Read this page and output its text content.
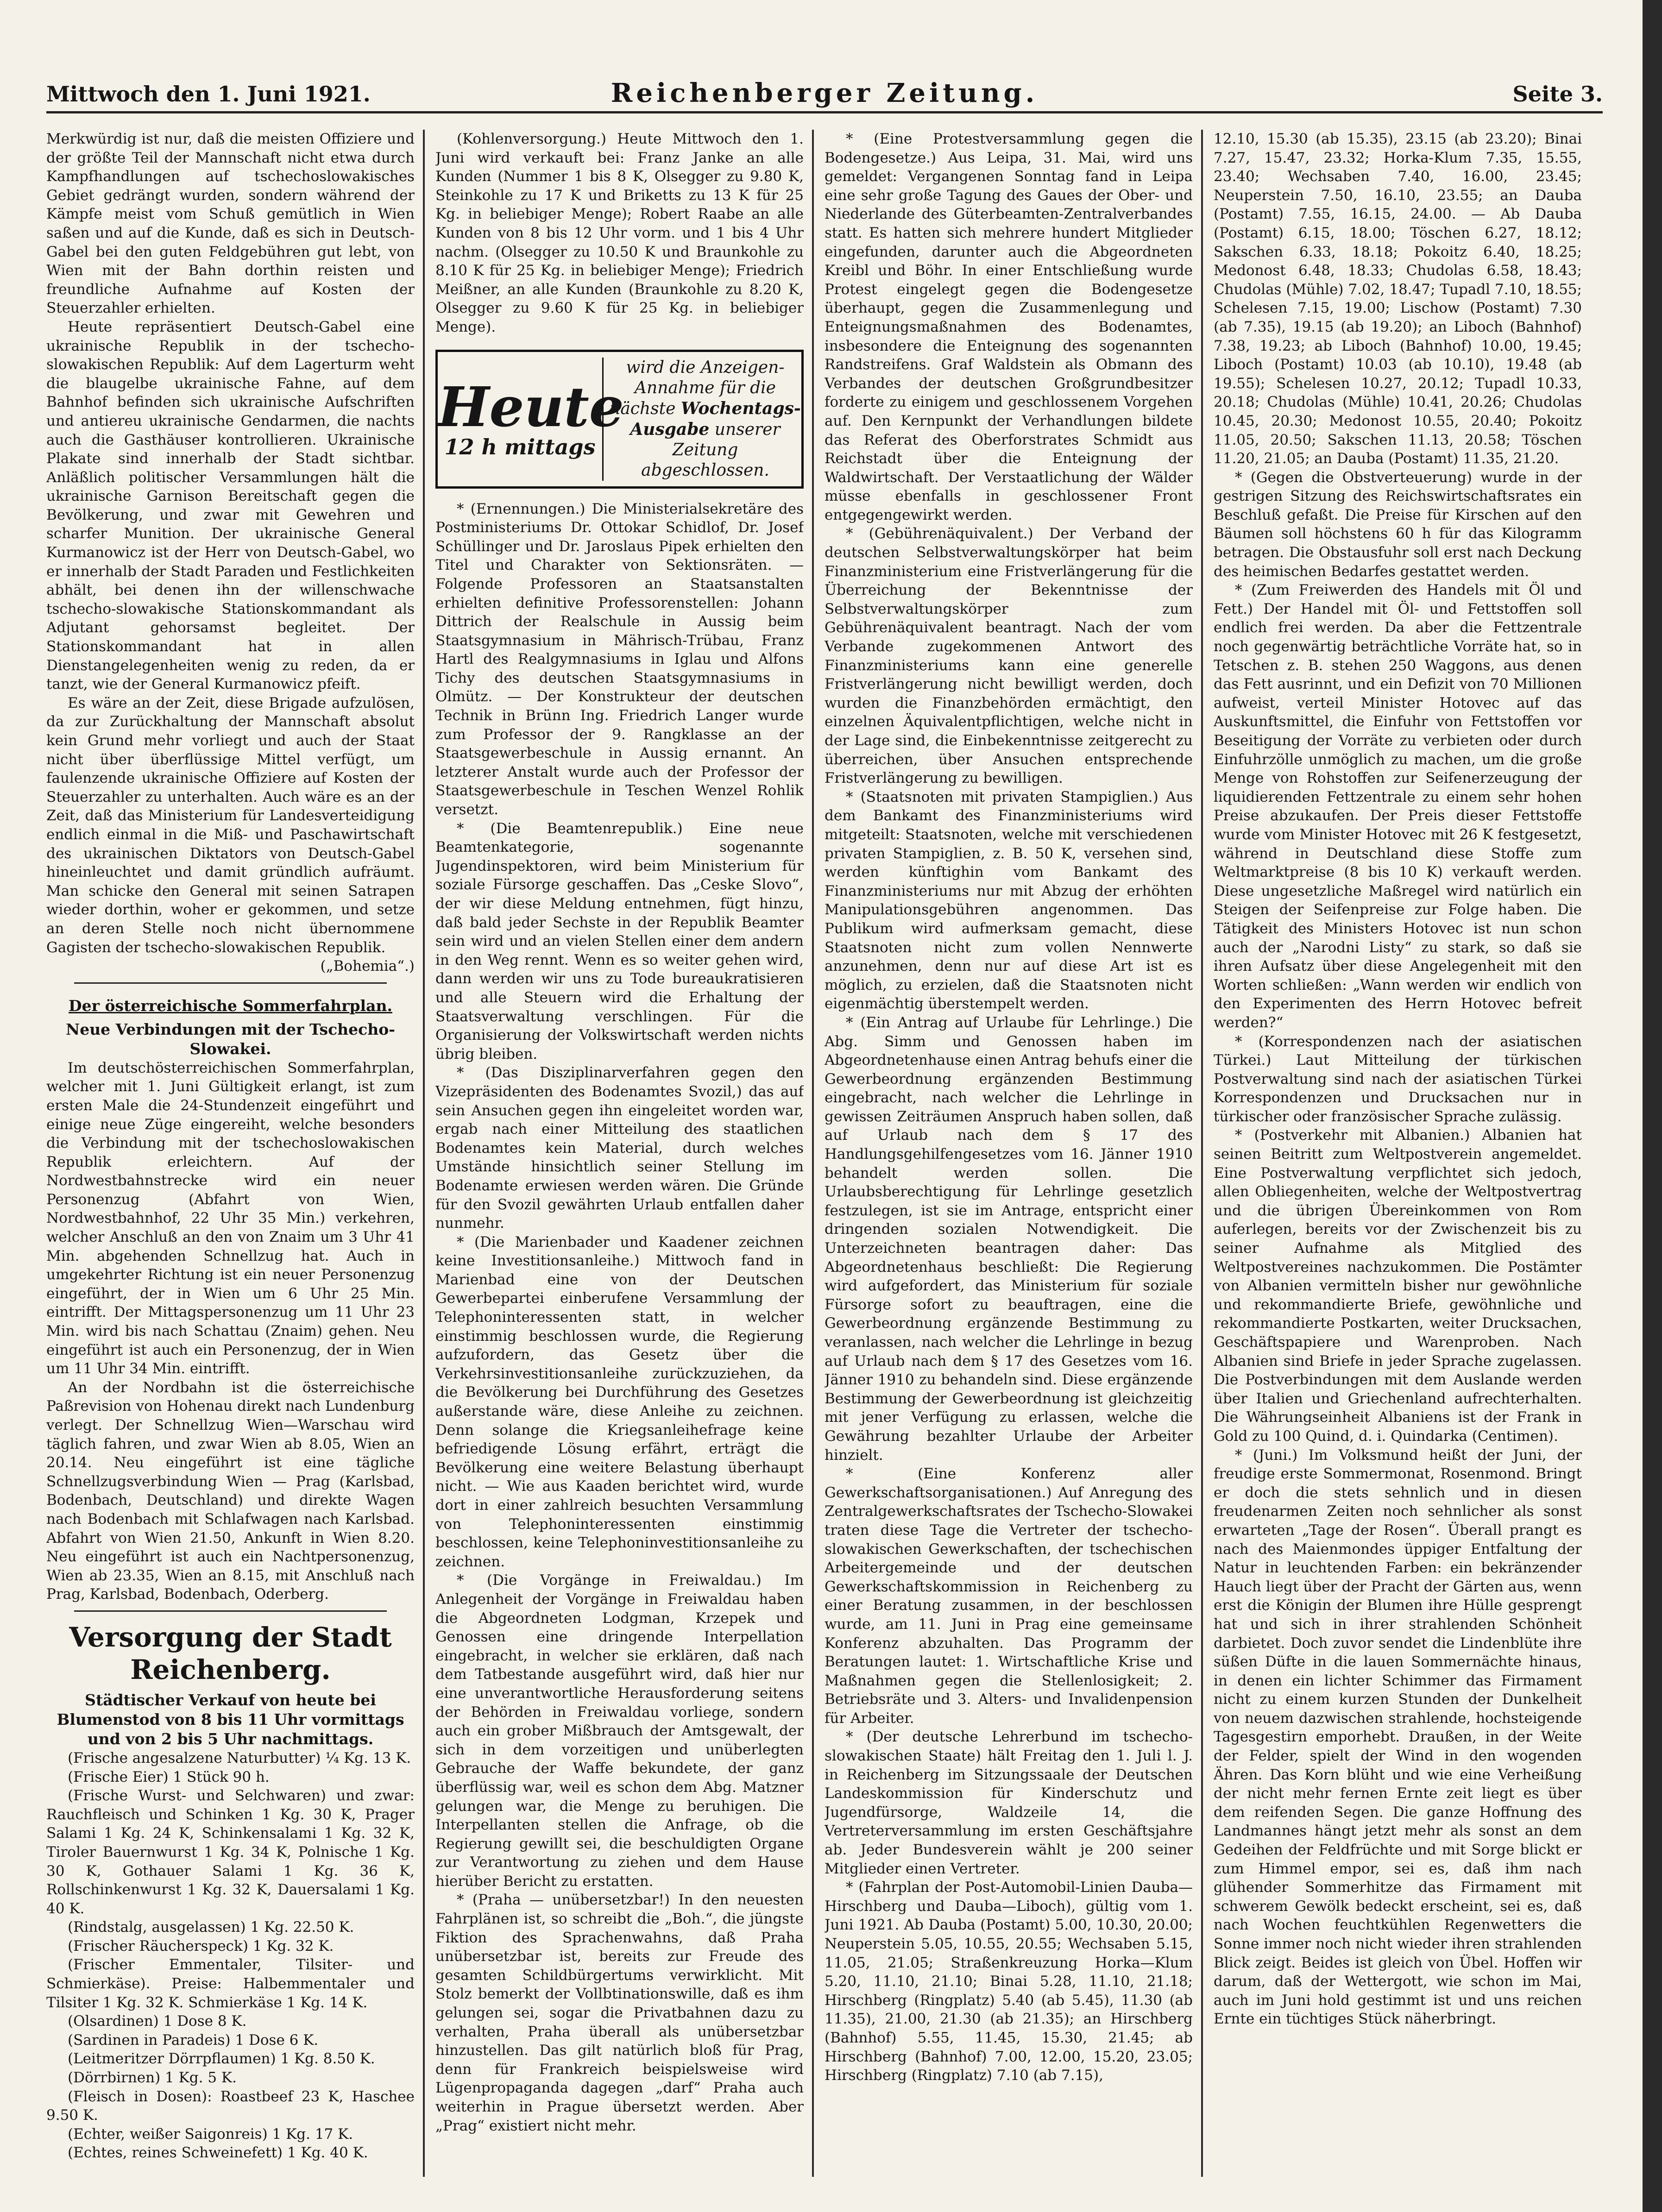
Mittwoch den 1. Juni 1921.	Reichenberger Zeitung.	Seite 3.

Merkwürdig ist nur, daß die meisten Offiziere und der größte Teil der Mannschaft nicht etwa durch Kampfhandlungen auf tschechoslowakisches Gebiet gedrängt wurden, sondern während der Kämpfe meist vom Schuß gemütlich in Wien saßen und auf die Kunde, daß es sich in Deutsch-Gabel bei den guten Feldgebühren gut lebt, von Wien mit der Bahn dorthin reisten und freundliche Aufnahme auf Kosten der Steuerzahler erhielten.

Heute repräsentiert Deutsch-Gabel eine ukrainische Republik in der tschecho-slowakischen Republik: Auf dem Lagerturm weht die blaugelbe ukrainische Fahne, auf dem Bahnhof befinden sich ukrainische Aufschriften und antiereu ukrainische Gendarmen, die nachts auch die Gasthäuser kontrollieren. Ukrainische Plakate sind innerhalb der Stadt sichtbar. Anläßlich politischer Versammlungen hält die ukrainische Garnison Bereitschaft gegen die Bevölkerung, und zwar mit Gewehren und scharfer Munition. Der ukrainische General Kurmanowicz ist der Herr von Deutsch-Gabel, wo er innerhalb der Stadt Paraden und Festlichkeiten abhält, bei denen ihn der willenschwache tschecho-slowakische Stationskommandant als Adjutant gehorsamst begleitet. Der Stationskommandant hat in allen Dienstangelegenheiten wenig zu reden, da er tanzt, wie der General Kurmanowicz pfeift.

Es wäre an der Zeit, diese Brigade aufzulösen, da zur Zurückhaltung der Mannschaft absolut kein Grund mehr vorliegt und auch der Staat nicht über überflüssige Mittel verfügt, um faulenzende ukrainische Offiziere auf Kosten der Steuerzahler zu unterhalten. Auch wäre es an der Zeit, daß das Ministerium für Landesverteidigung endlich einmal in die Miß- und Paschawirtschaft des ukrainischen Diktators von Deutsch-Gabel hineinleuchtet und damit gründlich aufräumt. Man schicke den General mit seinen Satrapen wieder dorthin, woher er gekommen, und setze an deren Stelle noch nicht übernommene Gagisten der tschecho-slowakischen Republik.

(„Bohemia“.)

Der österreichische Sommerfahrplan.
Neue Verbindungen mit der Tschecho-Slowakei.

Im deutschösterreichischen Sommerfahrplan, welcher mit 1. Juni Gültigkeit erlangt, ist zum ersten Male die 24-Stundenzeit eingeführt und einige neue Züge eingereiht, welche besonders die Verbindung mit der tschechoslowakischen Republik erleichtern. Auf der Nordwestbahnstrecke wird ein neuer Personenzug (Abfahrt von Wien, Nordwestbahnhof, 22 Uhr 35 Min.) verkehren, welcher Anschluß an den von Znaim um 3 Uhr 41 Min. abgehenden Schnellzug hat. Auch in umgekehrter Richtung ist ein neuer Personenzug eingeführt, der in Wien um 6 Uhr 25 Min. eintrifft. Der Mittagspersonenzug um 11 Uhr 23 Min. wird bis nach Schattau (Znaim) gehen. Neu eingeführt ist auch ein Personenzug, der in Wien um 11 Uhr 34 Min. eintrifft.

An der Nordbahn ist die österreichische Paßrevision von Hohenau direkt nach Lundenburg verlegt. Der Schnellzug Wien—Warschau wird täglich fahren, und zwar Wien ab 8.05, Wien an 20.14. Neu eingeführt ist eine tägliche Schnellzugsverbindung Wien — Prag (Karlsbad, Bodenbach, Deutschland) und direkte Wagen nach Bodenbach mit Schlafwagen nach Karlsbad. Abfahrt von Wien 21.50, Ankunft in Wien 8.20. Neu eingeführt ist auch ein Nachtpersonenzug, Wien ab 23.35, Wien an 8.15, mit Anschluß nach Prag, Karlsbad, Bodenbach, Oderberg.

Versorgung der Stadt Reichenberg.
Städtischer Verkauf von heute bei Blumenstod von 8 bis 11 Uhr vormittags und von 2 bis 5 Uhr nachmittags.

(Frische angesalzene Naturbutter) ¼ Kg. 13 K.

(Frische Eier) 1 Stück 90 h.

(Frische Wurst- und Selchwaren) und zwar: Rauchfleisch und Schinken 1 Kg. 30 K, Prager Salami 1 Kg. 24 K, Schinkensalami 1 Kg. 32 K, Tiroler Bauernwurst 1 Kg. 34 K, Polnische 1 Kg. 30 K, Gothauer Salami 1 Kg. 36 K, Rollschinkenwurst 1 Kg. 32 K, Dauersalami 1 Kg. 40 K.

(Rindstalg, ausgelassen) 1 Kg. 22.50 K.

(Frischer Räucherspeck) 1 Kg. 32 K.

(Frischer Emmentaler, Tilsiter- und Schmierkäse). Preise: Halbemmentaler und Tilsiter 1 Kg. 32 K. Schmierkäse 1 Kg. 14 K.

(Olsardinen) 1 Dose 8 K.

(Sardinen in Paradeis) 1 Dose 6 K.

(Leitmeritzer Dörrpflaumen) 1 Kg. 8.50 K.

(Dörrbirnen) 1 Kg. 5 K.

(Fleisch in Dosen): Roastbeef 23 K, Haschee 9.50 K.

(Echter, weißer Saigonreis) 1 Kg. 17 K.

(Echtes, reines Schweinefett) 1 Kg. 40 K.

(Kohlenversorgung.) Heute Mittwoch den 1. Juni wird verkauft bei: Franz Janke an alle Kunden (Nummer 1 bis 8 K, Olsegger zu 9.80 K, Steinkohle zu 17 K und Briketts zu 13 K für 25 Kg. in beliebiger Menge); Robert Raabe an alle Kunden von 8 bis 12 Uhr vorm. und 1 bis 4 Uhr nachm. (Olsegger zu 10.50 K und Braunkohle zu 8.10 K für 25 Kg. in beliebiger Menge); Friedrich Meißner, an alle Kunden (Braunkohle zu 8.20 K, Olsegger zu 9.60 K für 25 Kg. in beliebiger Menge).

Heute
12 h mittags
wird die Anzeigen-Annahme für die nächste Wochentags-Ausgabe unserer Zeitung abgeschlossen.

* (Ernennungen.) Die Ministerialsekretäre des Postministeriums Dr. Ottokar Schidlof, Dr. Josef Schüllinger und Dr. Jaroslaus Pipek erhielten den Titel und Charakter von Sektionsräten. — Folgende Professoren an Staatsanstalten erhielten definitive Professorenstellen: Johann Dittrich der Realschule in Aussig beim Staatsgymnasium in Mährisch-Trübau, Franz Hartl des Realgymnasiums in Iglau und Alfons Tichy des deutschen Staatsgymnasiums in Olmütz. — Der Konstrukteur der deutschen Technik in Brünn Ing. Friedrich Langer wurde zum Professor der 9. Rangklasse an der Staatsgewerbeschule in Aussig ernannt. An letzterer Anstalt wurde auch der Professor der Staatsgewerbeschule in Teschen Wenzel Rohlik versetzt.

* (Die Beamtenrepublik.) Eine neue Beamtenkategorie, sogenannte Jugendinspektoren, wird beim Ministerium für soziale Fürsorge geschaffen. Das „Ceske Slovo“, der wir diese Meldung entnehmen, fügt hinzu, daß bald jeder Sechste in der Republik Beamter sein wird und an vielen Stellen einer dem andern in den Weg rennt. Wenn es so weiter gehen wird, dann werden wir uns zu Tode bureaukratisieren und alle Steuern wird die Erhaltung der Staatsverwaltung verschlingen. Für die Organisierung der Volkswirtschaft werden nichts übrig bleiben.

* (Das Disziplinarverfahren gegen den Vizepräsidenten des Bodenamtes Svozil,) das auf sein Ansuchen gegen ihn eingeleitet worden war, ergab nach einer Mitteilung des staatlichen Bodenamtes kein Material, durch welches Umstände hinsichtlich seiner Stellung im Bodenamte erwiesen werden wären. Die Gründe für den Svozil gewährten Urlaub entfallen daher nunmehr.

* (Die Marienbader und Kaadener zeichnen keine Investitionsanleihe.) Mittwoch fand in Marienbad eine von der Deutschen Gewerbepartei einberufene Versammlung der Telephoninteressenten statt, in welcher einstimmig beschlossen wurde, die Regierung aufzufordern, das Gesetz über die Verkehrsinvestitionsanleihe zurückzuziehen, da die Bevölkerung bei Durchführung des Gesetzes außerstande wäre, diese Anleihe zu zeichnen. Denn solange die Kriegsanleihefrage keine befriedigende Lösung erfährt, erträgt die Bevölkerung eine weitere Belastung überhaupt nicht. — Wie aus Kaaden berichtet wird, wurde dort in einer zahlreich besuchten Versammlung von Telephoninteressenten einstimmig beschlossen, keine Telephoninvestitionsanleihe zu zeichnen.

* (Die Vorgänge in Freiwaldau.) Im Anlegenheit der Vorgänge in Freiwaldau haben die Abgeordneten Lodgman, Krzepek und Genossen eine dringende Interpellation eingebracht, in welcher sie erklären, daß nach dem Tatbestande ausgeführt wird, daß hier nur eine unverantwortliche Herausforderung seitens der Behörden in Freiwaldau vorliege, sondern auch ein grober Mißbrauch der Amtsgewalt, der sich in dem vorzeitigen und unüberlegten Gebrauche der Waffe bekundete, der ganz überflüssig war, weil es schon dem Abg. Matzner gelungen war, die Menge zu beruhigen. Die Interpellanten stellen die Anfrage, ob die Regierung gewillt sei, die beschuldigten Organe zur Verantwortung zu ziehen und dem Hause hierüber Bericht zu erstatten.

* (Praha — unübersetzbar!) In den neuesten Fahrplänen ist, so schreibt die „Boh.“, die jüngste Fiktion des Sprachenwahns, daß Praha unübersetzbar ist, bereits zur Freude des gesamten Schildbürgertums verwirklicht. Mit Stolz bemerkt der Vollbtinationswille, daß es ihm gelungen sei, sogar die Privatbahnen dazu zu verhalten, Praha überall als unübersetzbar hinzustellen. Das gilt natürlich bloß für Prag, denn für Frankreich beispielsweise wird Lügenpropaganda dagegen „darf“ Praha auch weiterhin in Prague übersetzt werden. Aber „Prag“ existiert nicht mehr.

* (Eine Protestversammlung gegen die Bodengesetze.) Aus Leipa, 31. Mai, wird uns gemeldet: Vergangenen Sonntag fand in Leipa eine sehr große Tagung des Gaues der Ober- und Niederlande des Güterbeamten-Zentralverbandes statt. Es hatten sich mehrere hundert Mitglieder eingefunden, darunter auch die Abgeordneten Kreibl und Böhr. In einer Entschließung wurde Protest eingelegt gegen die Bodengesetze überhaupt, gegen die Zusammenlegung und Enteignungsmaßnahmen des Bodenamtes, insbesondere die Enteignung des sogenannten Randstreifens. Graf Waldstein als Obmann des Verbandes der deutschen Großgrundbesitzer forderte zu einigem und geschlossenem Vorgehen auf. Den Kernpunkt der Verhandlungen bildete das Referat des Oberforstrates Schmidt aus Reichstadt über die Enteignung der Waldwirtschaft. Der Verstaatlichung der Wälder müsse ebenfalls in geschlossener Front entgegengewirkt werden.

* (Gebührenäquivalent.) Der Verband der deutschen Selbstverwaltungskörper hat beim Finanzministerium eine Fristverlängerung für die Überreichung der Bekenntnisse der Selbstverwaltungskörper zum Gebührenäquivalent beantragt. Nach der vom Verbande zugekommenen Antwort des Finanzministeriums kann eine generelle Fristverlängerung nicht bewilligt werden, doch wurden die Finanzbehörden ermächtigt, den einzelnen Äquivalentpflichtigen, welche nicht in der Lage sind, die Einbekenntnisse zeitgerecht zu überreichen, über Ansuchen entsprechende Fristverlängerung zu bewilligen.

* (Staatsnoten mit privaten Stampiglien.) Aus dem Bankamt des Finanzministeriums wird mitgeteilt: Staatsnoten, welche mit verschiedenen privaten Stampiglien, z. B. 50 K, versehen sind, werden künftighin vom Bankamt des Finanzministeriums nur mit Abzug der erhöhten Manipulationsgebühren angenommen. Das Publikum wird aufmerksam gemacht, diese Staatsnoten nicht zum vollen Nennwerte anzunehmen, denn nur auf diese Art ist es möglich, zu erzielen, daß die Staatsnoten nicht eigenmächtig überstempelt werden.

* (Ein Antrag auf Urlaube für Lehrlinge.) Die Abg. Simm und Genossen haben im Abgeordnetenhause einen Antrag behufs einer die Gewerbeordnung ergänzenden Bestimmung eingebracht, nach welcher die Lehrlinge in gewissen Zeiträumen Anspruch haben sollen, daß auf Urlaub nach dem § 17 des Handlungsgehilfengesetzes vom 16. Jänner 1910 behandelt werden sollen. Die Urlaubsberechtigung für Lehrlinge gesetzlich festzulegen, ist sie im Antrage, entspricht einer dringenden sozialen Notwendigkeit. Die Unterzeichneten beantragen daher: Das Abgeordnetenhaus beschließt: Die Regierung wird aufgefordert, das Ministerium für soziale Fürsorge sofort zu beauftragen, eine die Gewerbeordnung ergänzende Bestimmung zu veranlassen, nach welcher die Lehrlinge in bezug auf Urlaub nach dem § 17 des Gesetzes vom 16. Jänner 1910 zu behandeln sind. Diese ergänzende Bestimmung der Gewerbeordnung ist gleichzeitig mit jener Verfügung zu erlassen, welche die Gewährung bezahlter Urlaube der Arbeiter hinzielt.

* (Eine Konferenz aller Gewerkschaftsorganisationen.) Auf Anregung des Zentralgewerkschaftsrates der Tschecho-Slowakei traten diese Tage die Vertreter der tschecho-slowakischen Gewerkschaften, der tschechischen Arbeitergemeinde und der deutschen Gewerkschaftskommission in Reichenberg zu einer Beratung zusammen, in der beschlossen wurde, am 11. Juni in Prag eine gemeinsame Konferenz abzuhalten. Das Programm der Beratungen lautet: 1. Wirtschaftliche Krise und Maßnahmen gegen die Stellenlosigkeit; 2. Betriebsräte und 3. Alters- und Invalidenpension für Arbeiter.

* (Der deutsche Lehrerbund im tschecho-slowakischen Staate) hält Freitag den 1. Juli l. J. in Reichenberg im Sitzungssaale der Deutschen Landeskommission für Kinderschutz und Jugendfürsorge, Waldzeile 14, die Vertreterversammlung im ersten Geschäftsjahre ab. Jeder Bundesverein wählt je 200 seiner Mitglieder einen Vertreter.

* (Fahrplan der Post-Automobil-Linien Dauba—Hirschberg und Dauba—Liboch), gültig vom 1. Juni 1921. Ab Dauba (Postamt) 5.00, 10.30, 20.00; Neuperstein 5.05, 10.55, 20.55; Wechsaben 5.15, 11.05, 21.05; Straßenkreuzung Horka—Klum 5.20, 11.10, 21.10; Binai 5.28, 11.10, 21.18; Hirschberg (Ringplatz) 5.40 (ab 5.45), 11.30 (ab 11.35), 21.00, 21.30 (ab 21.35); an Hirschberg (Bahnhof) 5.55, 11.45, 15.30, 21.45; ab Hirschberg (Bahnhof) 7.00, 12.00, 15.20, 23.05; Hirschberg (Ringplatz) 7.10 (ab 7.15),

12.10, 15.30 (ab 15.35), 23.15 (ab 23.20); Binai 7.27, 15.47, 23.32; Horka-Klum 7.35, 15.55, 23.40; Wechsaben 7.40, 16.00, 23.45; Neuperstein 7.50, 16.10, 23.55; an Dauba (Postamt) 7.55, 16.15, 24.00. — Ab Dauba (Postamt) 6.15, 18.00; Töschen 6.27, 18.12; Sakschen 6.33, 18.18; Pokoitz 6.40, 18.25; Medonost 6.48, 18.33; Chudolas 6.58, 18.43; Chudolas (Mühle) 7.02, 18.47; Tupadl 7.10, 18.55; Schelesen 7.15, 19.00; Lischow (Postamt) 7.30 (ab 7.35), 19.15 (ab 19.20); an Liboch (Bahnhof) 7.38, 19.23; ab Liboch (Bahnhof) 10.00, 19.45; Liboch (Postamt) 10.03 (ab 10.10), 19.48 (ab 19.55); Schelesen 10.27, 20.12; Tupadl 10.33, 20.18; Chudolas (Mühle) 10.41, 20.26; Chudolas 10.45, 20.30; Medonost 10.55, 20.40; Pokoitz 11.05, 20.50; Sakschen 11.13, 20.58; Töschen 11.20, 21.05; an Dauba (Postamt) 11.35, 21.20.

* (Gegen die Obstverteuerung) wurde in der gestrigen Sitzung des Reichswirtschaftsrates ein Beschluß gefaßt. Die Preise für Kirschen auf den Bäumen soll höchstens 60 h für das Kilogramm betragen. Die Obstausfuhr soll erst nach Deckung des heimischen Bedarfes gestattet werden.

* (Zum Freiwerden des Handels mit Öl und Fett.) Der Handel mit Öl- und Fettstoffen soll endlich frei werden. Da aber die Fettzentrale noch gegenwärtig beträchtliche Vorräte hat, so in Tetschen z. B. stehen 250 Waggons, aus denen das Fett ausrinnt, und ein Defizit von 70 Millionen aufweist, verteil Minister Hotovec auf das Auskunftsmittel, die Einfuhr von Fettstoffen vor Beseitigung der Vorräte zu verbieten oder durch Einfuhrzölle unmöglich zu machen, um die große Menge von Rohstoffen zur Seifenerzeugung der liquidierenden Fettzentrale zu einem sehr hohen Preise abzukaufen. Der Preis dieser Fettstoffe wurde vom Minister Hotovec mit 26 K festgesetzt, während in Deutschland diese Stoffe zum Weltmarktpreise (8 bis 10 K) verkauft werden. Diese ungesetzliche Maßregel wird natürlich ein Steigen der Seifenpreise zur Folge haben. Die Tätigkeit des Ministers Hotovec ist nun schon auch der „Narodni Listy“ zu stark, so daß sie ihren Aufsatz über diese Angelegenheit mit den Worten schließen: „Wann werden wir endlich von den Experimenten des Herrn Hotovec befreit werden?“

* (Korrespondenzen nach der asiatischen Türkei.) Laut Mitteilung der türkischen Postverwaltung sind nach der asiatischen Türkei Korrespondenzen und Drucksachen nur in türkischer oder französischer Sprache zulässig.

* (Postverkehr mit Albanien.) Albanien hat seinen Beitritt zum Weltpostverein angemeldet. Eine Postverwaltung verpflichtet sich jedoch, allen Obliegenheiten, welche der Weltpostvertrag und die übrigen Übereinkommen von Rom auferlegen, bereits vor der Zwischenzeit bis zu seiner Aufnahme als Mitglied des Weltpostvereines nachzukommen. Die Postämter von Albanien vermitteln bisher nur gewöhnliche und rekommandierte Briefe, gewöhnliche und rekommandierte Postkarten, weiter Drucksachen, Geschäftspapiere und Warenproben. Nach Albanien sind Briefe in jeder Sprache zugelassen. Die Postverbindungen mit dem Auslande werden über Italien und Griechenland aufrechterhalten. Die Währungseinheit Albaniens ist der Frank in Gold zu 100 Quind, d. i. Quindarka (Centimen).

* (Juni.) Im Volksmund heißt der Juni, der freudige erste Sommermonat, Rosenmond. Bringt er doch die stets sehnlich und in diesen freudenarmen Zeiten noch sehnlicher als sonst erwarteten „Tage der Rosen“. Überall prangt es nach des Maienmondes üppiger Entfaltung der Natur in leuchtenden Farben: ein bekränzender Hauch liegt über der Pracht der Gärten aus, wenn erst die Königin der Blumen ihre Hülle gesprengt hat und sich in ihrer strahlenden Schönheit darbietet. Doch zuvor sendet die Lindenblüte ihre süßen Düfte in die lauen Sommernächte hinaus, in denen ein lichter Schimmer das Firmament nicht zu einem kurzen Stunden der Dunkelheit von neuem dazwischen strahlende, hochsteigende Tagesgestirn emporhebt. Draußen, in der Weite der Felder, spielt der Wind in den wogenden Ähren. Das Korn blüht und wie eine Verheißung der nicht mehr fernen Ernte zeit liegt es über dem reifenden Segen. Die ganze Hoffnung des Landmannes hängt jetzt mehr als sonst an dem Gedeihen der Feldfrüchte und mit Sorge blickt er zum Himmel empor, sei es, daß ihm nach glühender Sommerhitze das Firmament mit schwerem Gewölk bedeckt erscheint, sei es, daß nach Wochen feuchtkühlen Regenwetters die Sonne immer noch nicht wieder ihren strahlenden Blick zeigt. Beides ist gleich von Übel. Hoffen wir darum, daß der Wettergott, wie schon im Mai, auch im Juni hold gestimmt ist und uns reichen Ernte ein tüchtiges Stück näherbringt.
